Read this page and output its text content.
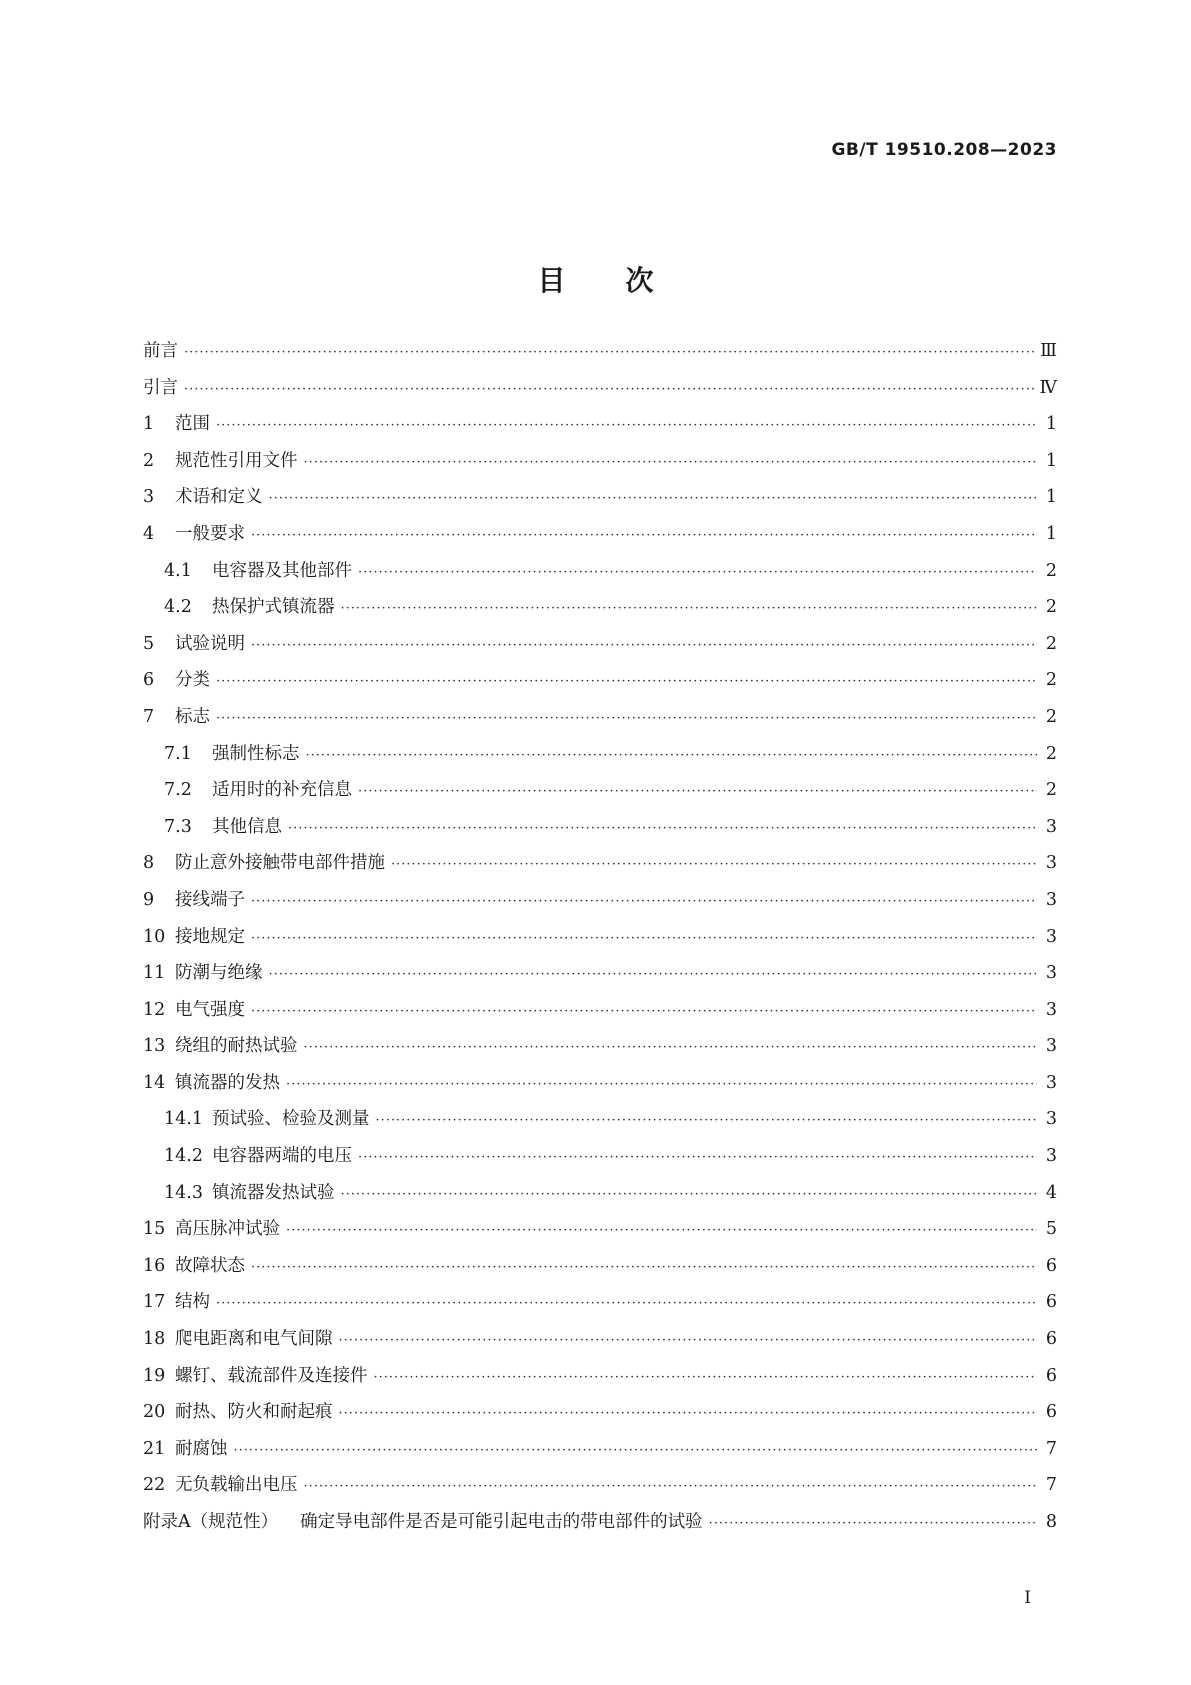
GB/T 19510.208—2023
目次
前言 ·····	Ⅲ
引言 ·····	Ⅳ
1	范围 ·····	1
2	规范性引用文件 ·····	1
3	术语和定义 ·····	1
4	一般要求 ·····	1
4.1	电容器及其他部件 ·····	2
4.2	热保护式镇流器 ·····	2
5	试验说明 ·····	2
6	分类 ·····	2
7	标志 ·····	2
7.1	强制性标志 ·····	2
7.2	适用时的补充信息 ·····	2
7.3	其他信息 ·····	3
8	防止意外接触带电部件措施 ·····	3
9	接线端子 ·····	3
10 接地规定 ·····	3
11 防潮与绝缘 ·····	3
12 电气强度 ·····	3
13 绕组的耐热试验 ·····	3
14 镇流器的发热 ·····	3
14.1 预试验、检验及测量 ·····	3
14.2 电容器两端的电压 ·····	3
14.3 镇流器发热试验 ·····	4
15 高压脉冲试验 ·····	5
16 故障状态 ·····	6
17 结构 ·····	6
18 爬电距离和电气间隙 ·····	6
19 螺钉、载流部件及连接件 ·····	6
20 耐热、防火和耐起痕 ·····	6
21 耐腐蚀 ·····	7
22 无负载输出电压 ·····	7
附录A（规范性） 确定导电部件是否是可能引起电击的带电部件的试验 ·····	8
Ⅰ
